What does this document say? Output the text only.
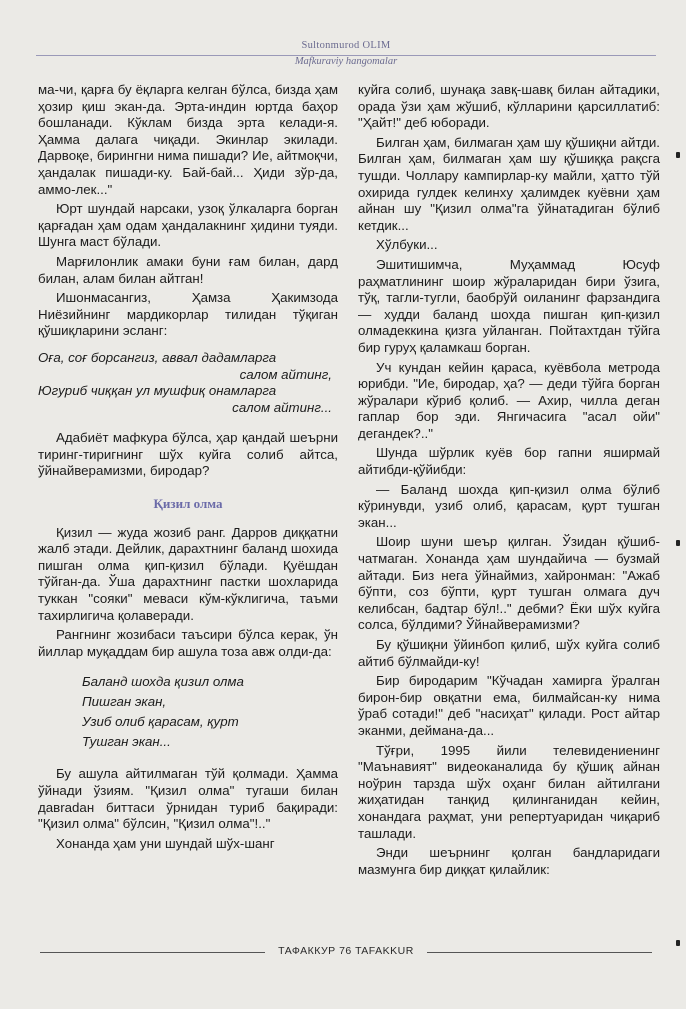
Sultonmurod OLIM
Mafkuraviy hangomalar

ма-чи, қарға бу ёқларга келган бўлса, бизда ҳам ҳозир қиш экан-да. Эрта-индин юртда баҳор бошланади. Кўклам бизда эрта келади-я. Ҳамма далага чиқади. Экинлар экилади. Дарвоқе, бирингни нима пишади? Ие, айтмоқчи, ҳандалак пишади-ку. Бай-бай... Ҳиди зўр-да, аммо-лек..."

Юрт шундай нарсаки, узоқ ўлкаларга борган қарғадан ҳам одам ҳандалакнинг ҳидини туяди. Шунга маст бўлади.

Марғилонлик амаки буни ғам билан, дард билан, алам билан айтган!

Ишонмасангиз, Ҳамза Ҳакимзода Ниёзийнинг мардикорлар тилидан тўқиган қўшиқларини эсланг:

Оға, соғ борсангиз, аввал дадамларга
салом айтинг,
Югуриб чиққан ул мушфиқ онамларга
салом айтинг...

Адабиёт мафкура бўлса, ҳар қандай шеърни тиринг-тиригнинг шўх куйга солиб айтса, ўйнайверамизми, биродар?

Қизил олма

Қизил — жуда жозиб ранг. Дарров диққатни жалб этади. Дейлик, дарахтнинг баланд шохида пишган олма қип-қизил бўлади. Қуёшдан тўйган-да. Ўша дарахтнинг пастки шохларида туккан "сояки" меваси кўм-кўклигича, таъми тахирлигича қолаверади.

Рангнинг жозибаси таъсири бўлса керак, ўн йиллар муқаддам бир ашула тоза авж олди-да:

Баланд шохда қизил олма
Пишган экан,
Узиб олиб қарасам, қурт
Тушган экан...

Бу ашула айтилмаган тўй қолмади. Ҳамма ўйнади ўзиям. "Қизил олма" тугаши билан давradан биттаси ўрнидан туриб бақиради: "Қизил олма" бўлсин, "Қизил олма"!.."

Хонанда ҳам уни шундай шўх-шанг

куйга солиб, шунақа завқ-шавқ билан айтадики, орада ўзи ҳам жўшиб, кўлларини қарсиллатиб: "Ҳайт!" деб юборади.

Билган ҳам, билмаган ҳам шу қўшиқни айтди. Билган ҳам, билмаган ҳам шу қўшиққа рақсга тушди. Чоллару кампирлар-ку майли, ҳатто тўй охирида гулдек келинху ҳалимдек куёвни ҳам айнан шу "Қизил олма"га ўйнатадиган бўлиб кетдик...

Хўлбуки...

Эшитишимча, Муҳаммад Юсуф раҳматлининг шоир жўраларидан бири ўзига, тўқ, тагли-тугли, баобрўй оиланинг фарзандига — худди баланд шохда пишган қип-қизил олмадеккина қизга уйланган. Пойтахтдан тўйга бир гуруҳ қаламкаш борган.

Уч кундан кейин қараса, куёвбола метрода юрибди. "Ие, биродар, ҳа? — деди тўйга борган жўралари кўриб қолиб. — Ахир, чилла деган гаплар бор эди. Янгичасига "асал ойи" дегандек?.."

Шунда шўрлик куёв бор гапни яширмай айтибди-қўйибди:

— Баланд шохда қип-қизил олма бўлиб кўринувди, узиб олиб, қарасам, қурт тушган экан...

Шоир шуни шеър қилган. Ўзидан қўшиб-чатмаган. Хонанда ҳам шундайича — бузмай айтади. Биз нега ўйнаймиз, хайронман: "Ажаб бўпти, соз бўпти, қурт тушган олмага дуч келибсан, бадтар бўл!.." дебми? Ёки шўх куйга солса, бўлдими? Ўйнайверамизми?

Бу қўшиқни ўйинбоп қилиб, шўх куйга солиб айтиб бўлмайди-ку!

Бир биродарим "Кўчадан хамирга ўралган бирон-бир овқатни ема, билмайсан-ку нима ўраб сотади!" деб "насиҳат" қилади. Рост айтар эканми, деймана-да...

Тўғри, 1995 йили телевидениенинг "Маънавият" видеоканалида бу қўшиқ айнан ноўрин тарзда шўх оҳанг билан айтилгани жиҳатидан танқид қилинганидан кейин, хонандага раҳмат, уни репертуаридан чиқариб ташлади.

Энди шеърнинг қолган бандларидаги мазмунга бир диққат қилайлик:

ТАФАККУР 76 TAFAKKUR
